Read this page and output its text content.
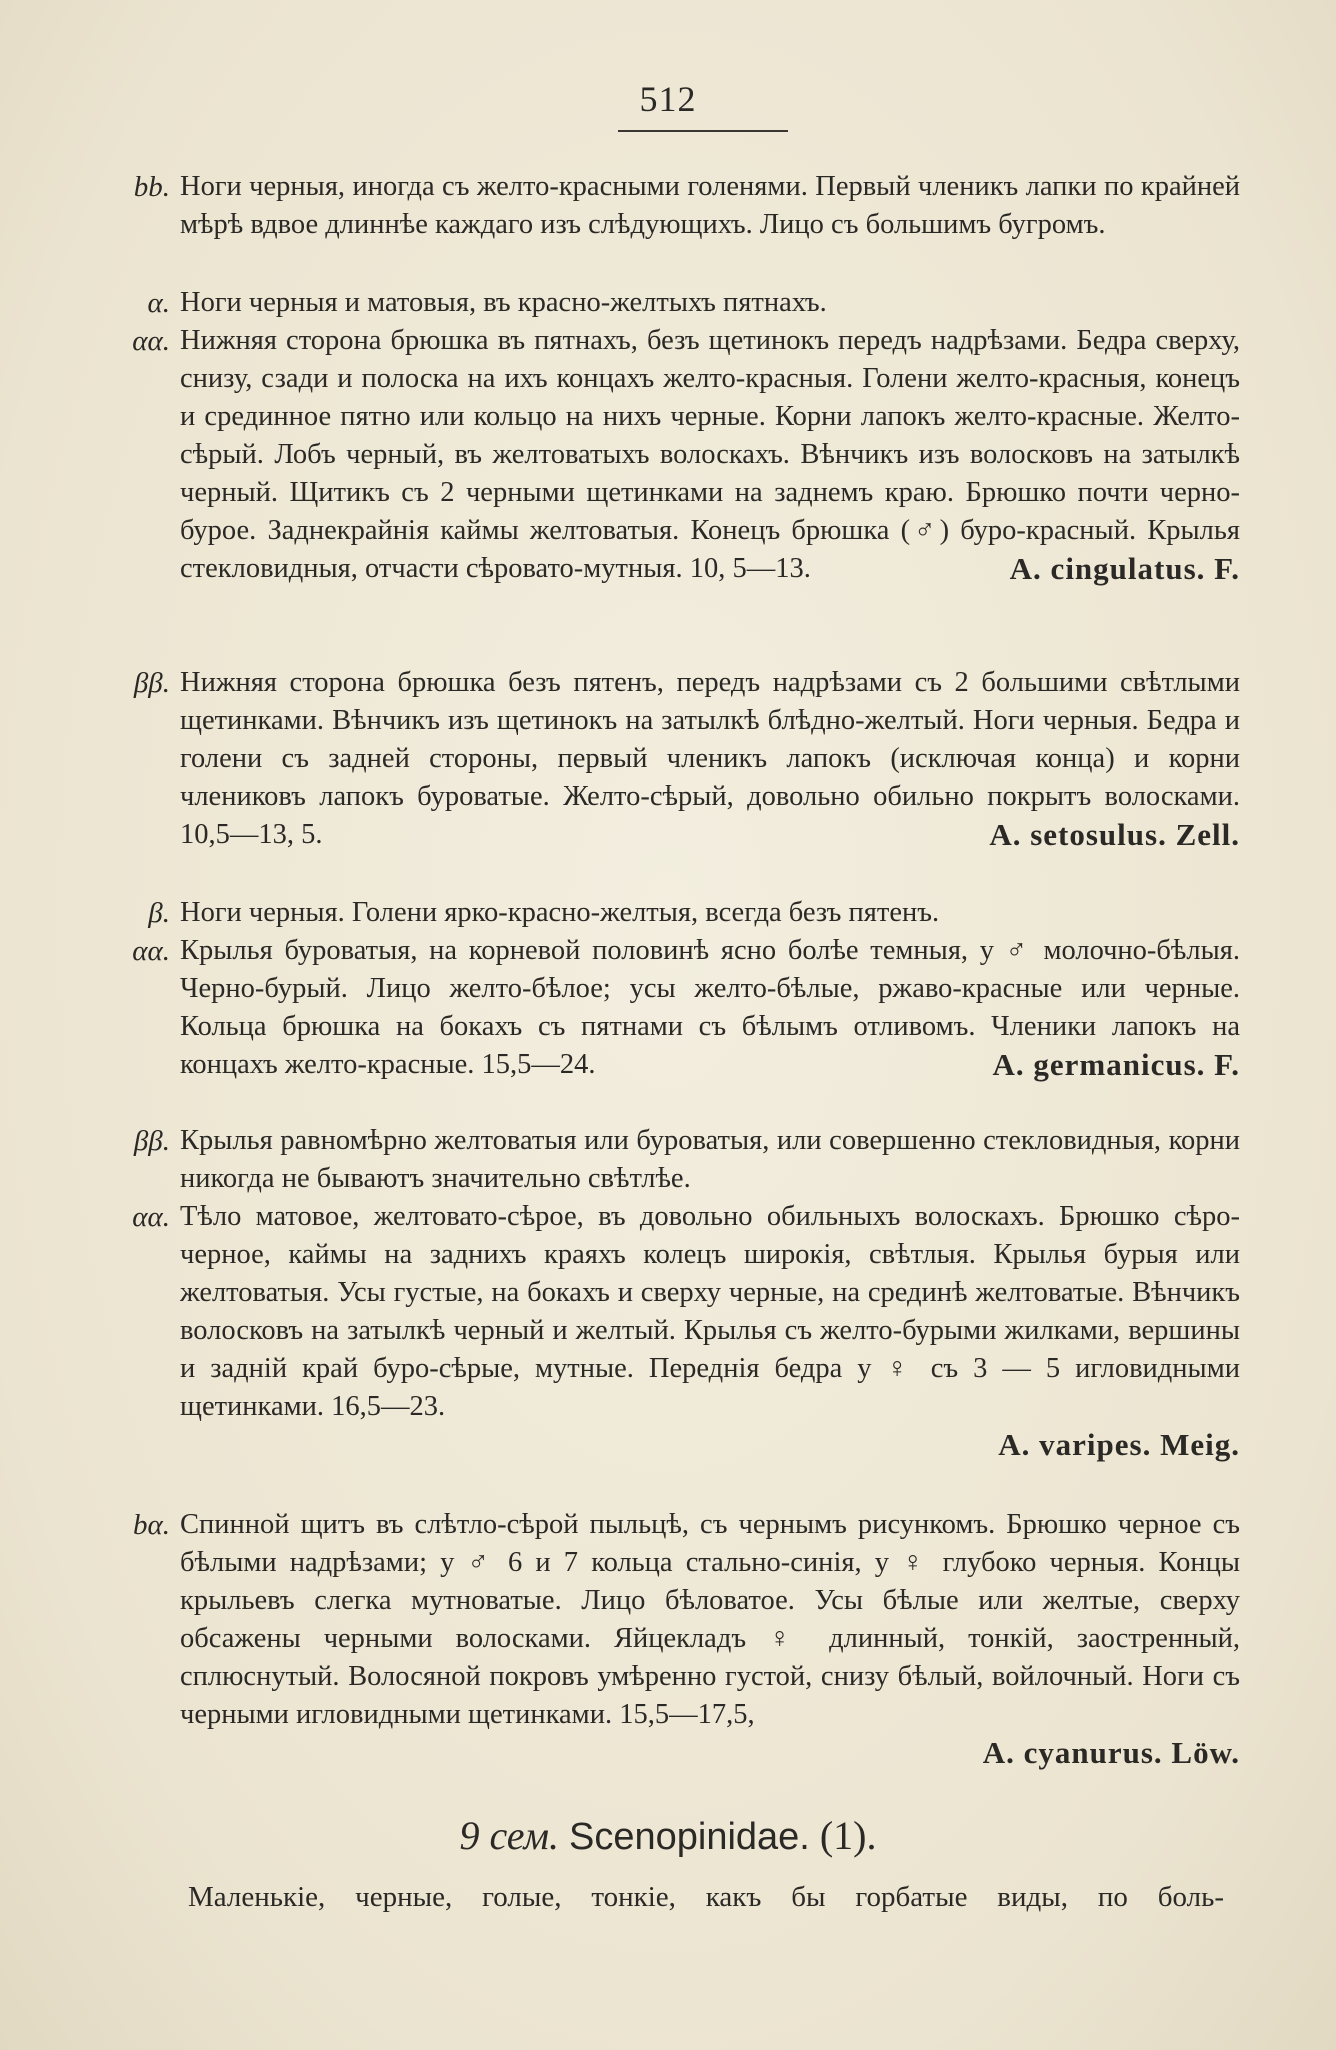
512
bb. Ноги черныя, иногда съ желто-красными голенями. Первый членикъ лапки по крайней мѣрѣ вдвое длиннѣе каждаго изъ слѣдующихъ. Лицо съ большимъ бугромъ.
α. Ноги черныя и матовыя, въ красно-желтыхъ пятнахъ.
αα. Нижняя сторона брюшка въ пятнахъ, безъ щетинокъ передъ надрѣзами. Бедра сверху, снизу, сзади и полоска на ихъ концахъ желто-красныя. Голени желто-красныя, конецъ и срединное пятно или кольцо на нихъ черные. Корни лапокъ желто-красные. Желто-сѣрый. Лобъ черный, въ желтоватыхъ волоскахъ. Вѣнчикъ изъ волосковъ на затылкѣ черный. Щитикъ съ 2 черными щетинками на заднемъ краю. Брюшко почти черно-бурое. Заднекрайнія каймы желтоватыя. Конецъ брюшка (♂) буро-красный. Крылья стекловидныя, отчасти сѣровато-мутныя. 10, 5—13.	A. cingulatus. F.
ββ. Нижняя сторона брюшка безъ пятенъ, передъ надрѣзами съ 2 большими свѣтлыми щетинками. Вѣнчикъ изъ щетинокъ на затылкѣ блѣдно-желтый. Ноги черныя. Бедра и голени съ задней стороны, первый членикъ лапокъ (исключая конца) и корни члениковъ лапокъ буроватые. Желто-сѣрый, довольно обильно покрытъ волосками. 10,5—13, 5.	A. setosulus. Zell.
β. Ноги черныя. Голени ярко-красно-желтыя, всегда безъ пятенъ.
αα. Крылья буроватыя, на корневой половинѣ ясно болѣе темныя, у ♂ молочно-бѣлыя. Черно-бурый. Лицо желто-бѣлое; усы желто-бѣлые, ржаво-красные или черные. Кольца брюшка на бокахъ съ пятнами съ бѣлымъ отливомъ. Членики лапокъ на концахъ желто-красные. 15,5—24.	A. germanicus. F.
ββ. Крылья равномѣрно желтоватыя или буроватыя, или совершенно стекловидныя, корни никогда не бываютъ значительно свѣтлѣе.
αα. Тѣло матовое, желтовато-сѣрое, въ довольно обильныхъ волоскахъ. Брюшко сѣро-черное, каймы на заднихъ краяхъ колецъ широкія, свѣтлыя. Крылья бурыя или желтоватыя. Усы густые, на бокахъ и сверху черные, на срединѣ желтоватые. Вѣнчикъ волосковъ на затылкѣ черный и желтый. Крылья съ желто-бурыми жилками, вершины и задній край буро-сѣрые, мутные. Переднія бедра у ♀ съ 3 — 5 игловидными щетинками. 16,5—23.
A. varipes. Meig.
bα. Спинной щитъ въ слѣтло-сѣрой пыльцѣ, съ чернымъ рисункомъ. Брюшко черное съ бѣлыми надрѣзами; у ♂ 6 и 7 кольца стально-синія, у ♀ глубоко черныя. Концы крыльевъ слегка мутноватые. Лицо бѣловатое. Усы бѣлые или желтые, сверху обсажены черными волосками. Яйцекладъ ♀ длинный, тонкій, заостренный, сплюснутый. Волосяной покровъ умѣренно густой, снизу бѣлый, войлочный. Ноги съ черными игловидными щетинками. 15,5—17,5,
A. cyanurus. Löw.
9 сем. Scenopinidae. (1).
Маленькіе, черные, голые, тонкіе, какъ бы горбатые виды, по боль-
